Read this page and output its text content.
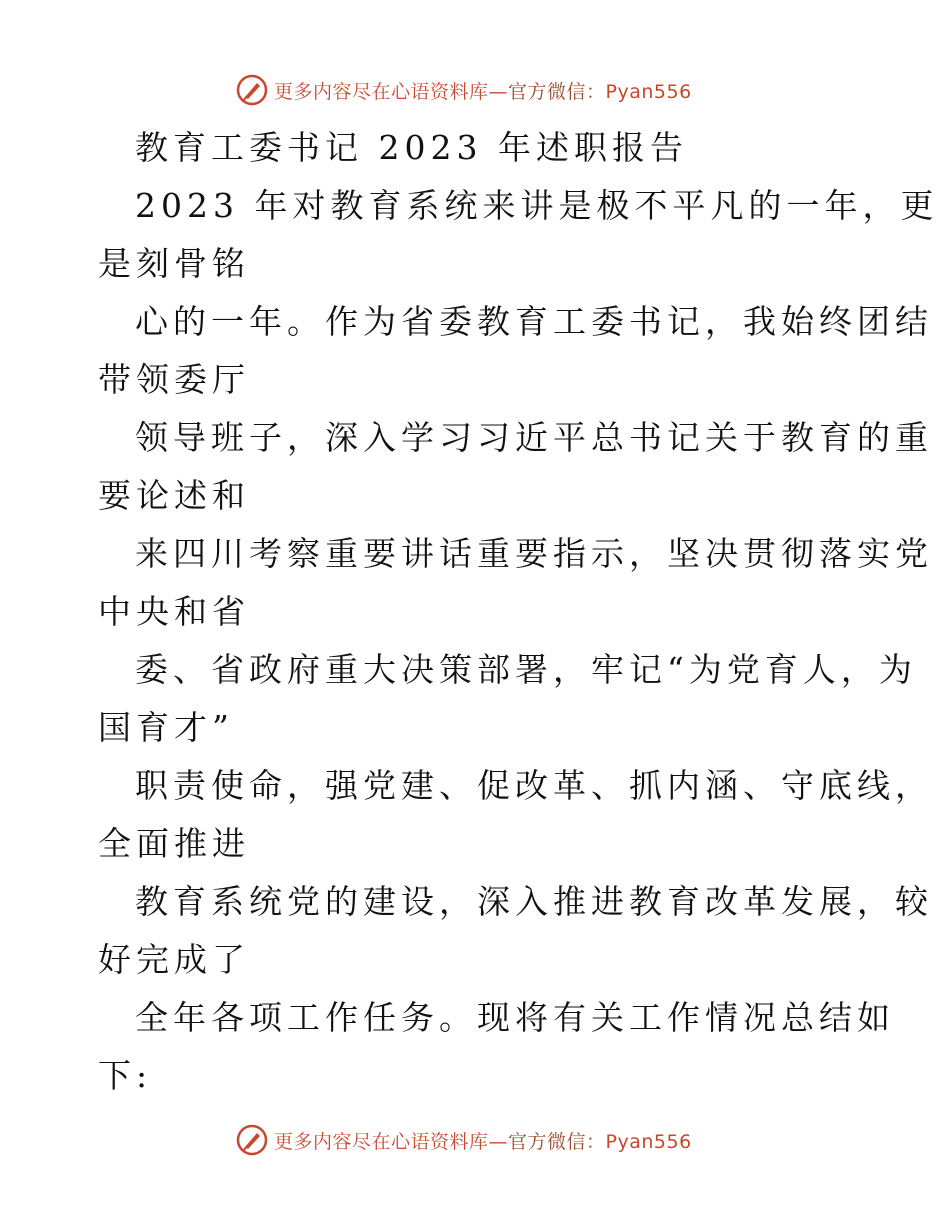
更多内容尽在心语资料库—官方微信：Pyan556
教育工委书记 2023 年述职报告
2023 年对教育系统来讲是极不平凡的一年，更
是刻骨铭
心的一年。作为省委教育工委书记，我始终团结
带领委厅
领导班子，深入学习习近平总书记关于教育的重
要论述和
来四川考察重要讲话重要指示，坚决贯彻落实党
中央和省
委、省政府重大决策部署，牢记“为党育人，为
国育才”
职责使命，强党建、促改革、抓内涵、守底线，
全面推进
教育系统党的建设，深入推进教育改革发展，较
好完成了
全年各项工作任务。现将有关工作情况总结如
下:
更多内容尽在心语资料库—官方微信：Pyan556
